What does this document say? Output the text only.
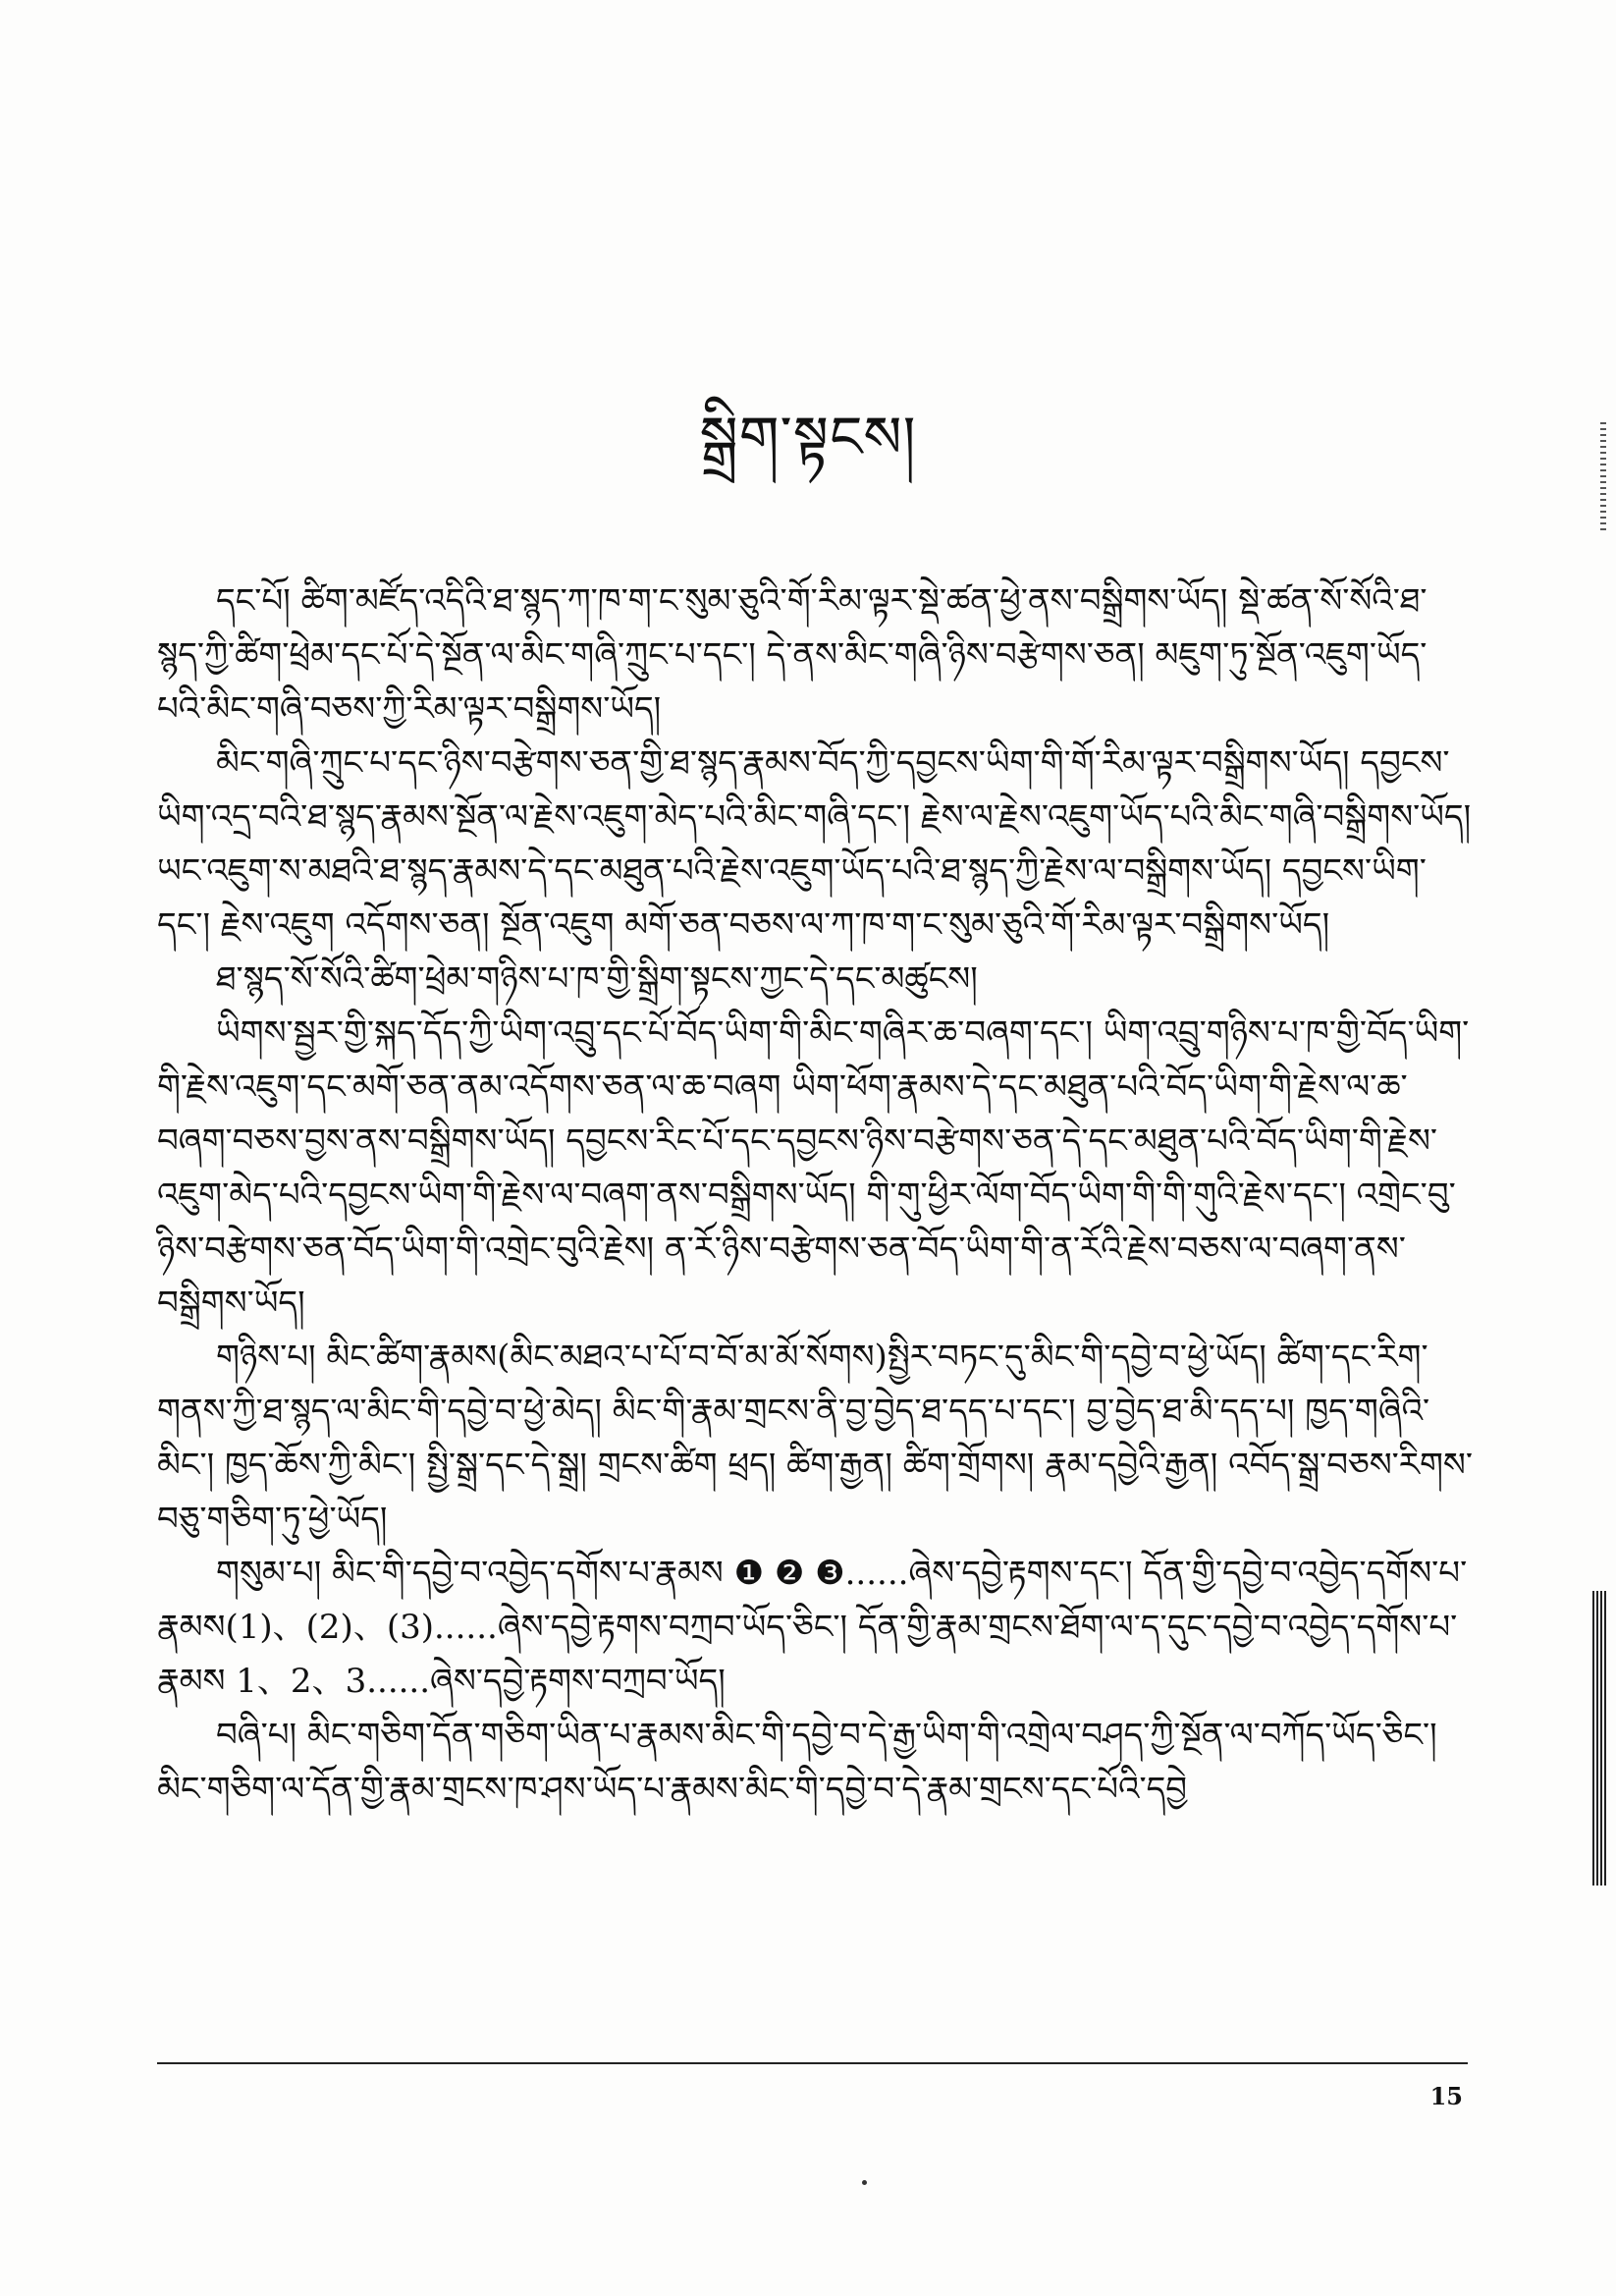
སྒྲིག་སྟངས།

དང་པོ། ཚིག་མཛོད་འདིའི་ཐ་སྙད་ཀ་ཁ་ག་ང་སུམ་ཅུའི་གོ་རིམ་ལྟར་སྡེ་ཚན་ཕྱེ་ནས་བསྒྲིགས་ཡོད། སྡེ་ཚན་སོ་སོའི་ཐ་སྙད་ཀྱི་ཚིག་ཕྲེམ་དང་པོ་དེ་སྔོན་ལ་མིང་གཞི་ཀྲུང་པ་དང་། དེ་ནས་མིང་གཞི་ཉིས་བརྩེགས་ཅན། མཇུག་ཏུ་སྔོན་འཇུག་ཡོད་པའི་མིང་གཞི་བཅས་ཀྱི་རིམ་ལྟར་བསྒྲིགས་ཡོད།

མིང་གཞི་ཀྲུང་པ་དང་ཉིས་བརྩེགས་ཅན་གྱི་ཐ་སྙད་རྣམས་བོད་ཀྱི་དབྱངས་ཡིག་གི་གོ་རིམ་ལྟར་བསྒྲིགས་ཡོད། དབྱངས་ཡིག་འདྲ་བའི་ཐ་སྙད་རྣམས་སྔོན་ལ་རྗེས་འཇུག་མེད་པའི་མིང་གཞི་དང་། རྗེས་ལ་རྗེས་འཇུག་ཡོད་པའི་མིང་གཞི་བསྒྲིགས་ཡོད། ཡང་འཇུག་ས་མཐའི་ཐ་སྙད་རྣམས་དེ་དང་མཐུན་པའི་རྗེས་འཇུག་ཡོད་པའི་ཐ་སྙད་ཀྱི་རྗེས་ལ་བསྒྲིགས་ཡོད། དབྱངས་ཡིག་དང་། རྗེས་འཇུག འདོགས་ཅན། སྔོན་འཇུག མགོ་ཅན་བཅས་ལ་ཀ་ཁ་ག་ང་སུམ་ཅུའི་གོ་རིམ་ལྟར་བསྒྲིགས་ཡོད།

ཐ་སྙད་སོ་སོའི་ཚིག་ཕྲེམ་གཉིས་པ་ཁ་གྱི་སྒྲིག་སྟངས་ཀྱང་དེ་དང་མཚུངས།

ཡིགས་སྦྱར་གྱི་སྐད་དོད་ཀྱི་ཡིག་འབྲུ་དང་པོ་བོད་ཡིག་གི་མིང་གཞིར་ཆ་བཞག་དང་། ཡིག་འབྲུ་གཉིས་པ་ཁ་གྱི་བོད་ཡིག་གི་རྗེས་འཇུག་དང་མགོ་ཅན་ནམ་འདོགས་ཅན་ལ་ཆ་བཞག ཡིག་ཕོག་རྣམས་དེ་དང་མཐུན་པའི་བོད་ཡིག་གི་རྗེས་ལ་ཆ་བཞག་བཅས་བྱས་ནས་བསྒྲིགས་ཡོད། དབྱངས་རིང་པོ་དང་དབྱངས་ཉིས་བརྩེགས་ཅན་དེ་དང་མཐུན་པའི་བོད་ཡིག་གི་རྗེས་འཇུག་མེད་པའི་དབྱངས་ཡིག་གི་རྗེས་ལ་བཞག་ནས་བསྒྲིགས་ཡོད། གི་གུ་ཕྱིར་ལོག་བོད་ཡིག་གི་གི་གུའི་རྗེས་དང་། འགྲེང་བུ་ཉིས་བརྩེགས་ཅན་བོད་ཡིག་གི་འགྲེང་བུའི་རྗེས། ན་རོ་ཉིས་བརྩེགས་ཅན་བོད་ཡིག་གི་ན་རོའི་རྗེས་བཅས་ལ་བཞག་ནས་བསྒྲིགས་ཡོད།

གཉིས་པ། མིང་ཚིག་རྣམས(མིང་མཐའ་པ་པོ་བ་བོ་མ་མོ་སོགས)སྤྱིར་བཏང་དུ་མིང་གི་དབྱེ་བ་ཕྱེ་ཡོད། ཚིག་དང་རིག་གནས་ཀྱི་ཐ་སྙད་ལ་མིང་གི་དབྱེ་བ་ཕྱེ་མེད། མིང་གི་རྣམ་གྲངས་ནི་བྱ་བྱེད་ཐ་དད་པ་དང་། བྱ་བྱེད་ཐ་མི་དད་པ། ཁྱད་གཞིའི་མིང་། ཁྱད་ཆོས་ཀྱི་མིང་། སྤྱི་སྒྲ་དང་དེ་སྒྲ། གྲངས་ཚིག ཕྲད། ཚིག་རྒྱན། ཚིག་གྲོགས། རྣམ་དབྱེའི་རྒྱན། འབོད་སྒྲ་བཅས་རིགས་བཅུ་གཅིག་ཏུ་ཕྱེ་ཡོད།

གསུམ་པ། མིང་གི་དབྱེ་བ་འབྱེད་དགོས་པ་རྣམས ❶ ❷ ❸......ཞེས་དབྱེ་རྟགས་དང་། དོན་གྱི་དབྱེ་བ་འབྱེད་དགོས་པ་རྣམས(1)、(2)、(3)......ཞེས་དབྱེ་རྟགས་བཀྲབ་ཡོད་ཅིང་། དོན་གྱི་རྣམ་གྲངས་ཐོག་ལ་ད་དུང་དབྱེ་བ་འབྱེད་དགོས་པ་རྣམས 1、2、3......ཞེས་དབྱེ་རྟགས་བཀྲབ་ཡོད།

བཞི་པ། མིང་གཅིག་དོན་གཅིག་ཡིན་པ་རྣམས་མིང་གི་དབྱེ་བ་དེ་རྒྱ་ཡིག་གི་འགྲེལ་བཤད་ཀྱི་སྔོན་ལ་བཀོད་ཡོད་ཅིང་། མིང་གཅིག་ལ་དོན་གྱི་རྣམ་གྲངས་ཁ་ཤས་ཡོད་པ་རྣམས་མིང་གི་དབྱེ་བ་དེ་རྣམ་གྲངས་དང་པོའི་དབྱེ

15
